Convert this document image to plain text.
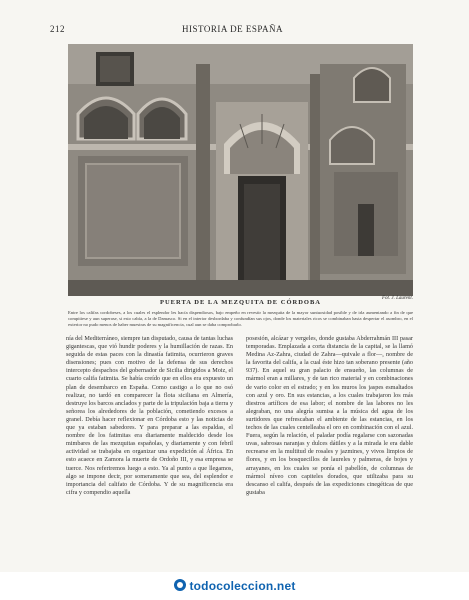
212	HISTORIA DE ESPAÑA
Fot. J. Laurent.
PUERTA DE LA MEZQUITA DE CÓRDOBA
Entre los califas cordobeses, a los cuales el esplendor les hacía dispendiosos, bajo empeño en revestir la mezquita de la mayor suntuosidad posible y de irla aumentando a fin de que compitiese y aun superase, si esto cabía, a la de Damasco. Si en el interior desbordaba y confundían sus ojos, donde los materiales ricos se combinaban hasta despertar el asombro, en el exterior no pudo menos de haber muestras de su magnificencia, cual aun se daba comprobarlo.

nía del Mediterráneo, siempre tan disputado, causa de tantas luchas gigantescas, que vió hundir poderes y la humillación de razas. En seguida de estas paces con la dinastía fatimita, ocurrieron graves disensiones; pues con motivo de la defensa de sus derechos intercepto despachos del gobernador de Sicilia dirigidos a Moiz, el cuarto califa fatimita. Se había creído que en ellos era expuesto un plan de desembarco en España. Como castigo a lo que no osó realizar, no tardó en comparecer la flota siciliana en Almería, destruye los barcos anclados y parte de la tripulación baja a tierra y señorea los alrededores de la población, cometiendo excesos a granel. Debía hacer reflexionar en Córdoba esto y las noticias de que ya estaban sabedores. Y para preparar a las espaldas, el nombre de los fatimitas era diariamente maldecido desde los mimbares de las mezquitas españolas, y diariamente y con febril actividad se trabajaba en organizar una expedición al África. En esto acaece en Zamora la muerte de Ordoño III, y esa empresa se tuerce. Nos referiremos luego a esto. Ya al punto a que llegamos, algo se impone decir, por someramente que sea, del esplendor e importancia del califato de Córdoba. Y de su magnificencia era cifra y compendio aquella

posesión, alcázar y vergeles, donde gustaba Abderrahmán III pasar temporadas. Emplazada a corta distancia de la capital, se la llamó Medina Az-Zahra, ciudad de Zahra—quivale a flor—, nombre de la favorita del califa, a la cual éste hizo tan soberano presente (año 937). En aquel su gran palacio de ensueño, las columnas de mármol eran a millares, y de tan rico material y en combinaciones de vario color en el estrado; y en los muros los jaspes esmaltados con azul y oro. En sus estancias, a los cuales trabajaron los más diestros artífices de esa labor; el nombre de las labores no les alegraban, no una alegría sumisa a la música del agua de los surtidores que refrescaban el ambiente de las estancias, en los techos de las cuales centelleaba el oro en combinación con el azul. Fuera, según la relación, el paladar podía regalarse con sazonadas uvas, sabrosas naranjas y dulces dátiles y a la mirada le era dable recrearse en la multitud de rosales y jazmines, y vivos limpios de flores, y en los bosquecillos de laureles y palmeras, de bojes y arrayanes, en los cuales se ponía el pabellón, de columnas de mármol níveo con capiteles dorados, que utilizaba para su descanso el califa, después de las expediciones cinegéticas de que gustaba

todocoleccion.net
